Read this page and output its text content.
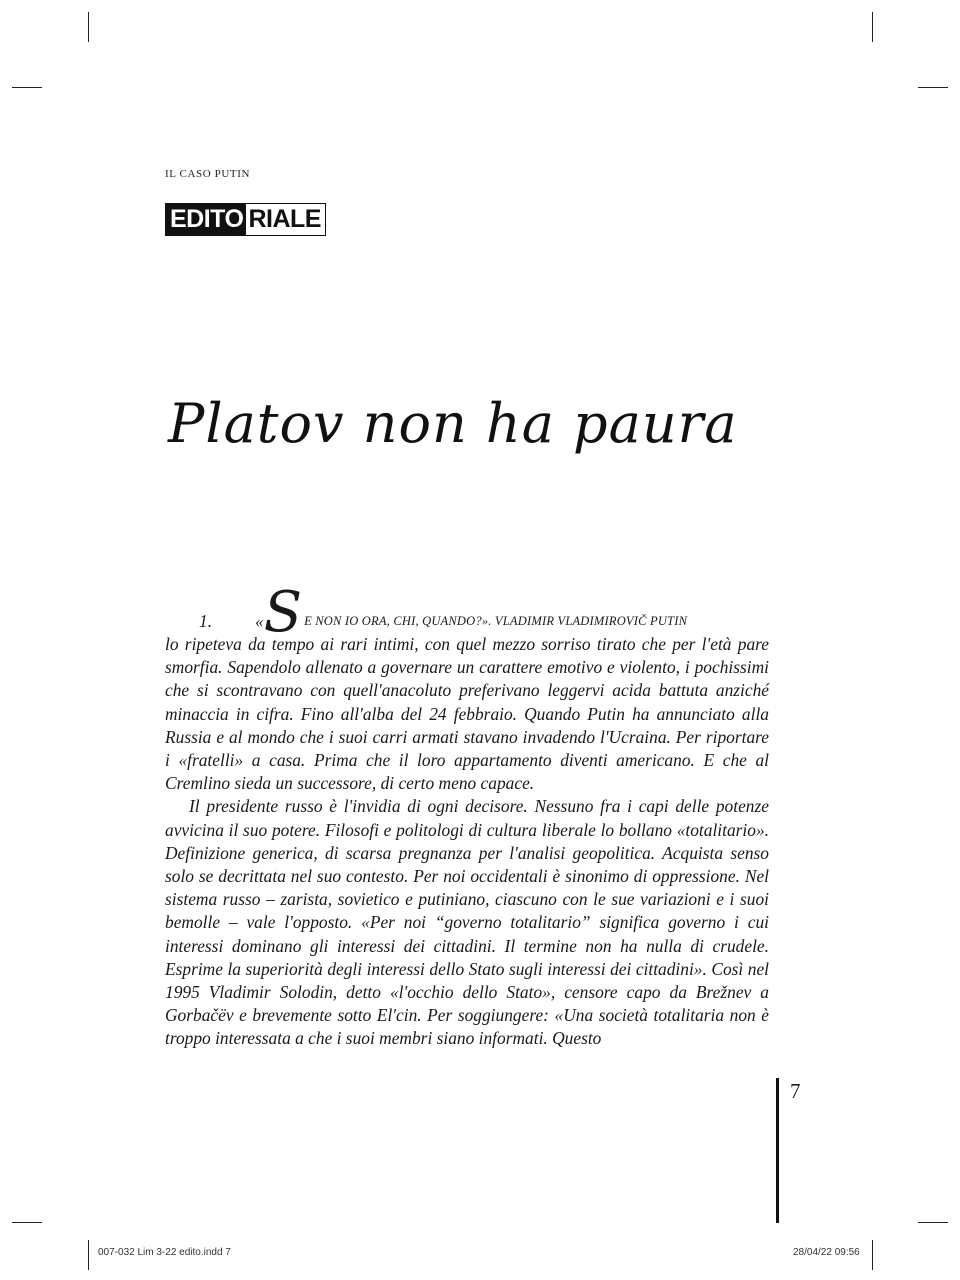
IL CASO PUTIN
EDITO RIALE
Platov non ha paura
1.	« S E NON IO ORA, CHI, QUANDO?». VLADIMIR VLADIMIROVIČ PUTIN

lo ripeteva da tempo ai rari intimi, con quel mezzo sorriso tirato che per l'età pare smorfia. Sapendolo allenato a governare un carattere emotivo e violento, i pochissimi che si scontravano con quell'anacoluto preferivano leggervi acida battuta anziché minaccia in cifra. Fino all'alba del 24 febbraio. Quando Putin ha annunciato alla Russia e al mondo che i suoi carri armati stavano invadendo l'Ucraina. Per riportare i «fratelli» a casa. Prima che il loro appartamento diventi americano. E che al Cremlino sieda un successore, di certo meno capace.

Il presidente russo è l'invidia di ogni decisore. Nessuno fra i capi delle potenze avvicina il suo potere. Filosofi e politologi di cultura liberale lo bollano «totalitario». Definizione generica, di scarsa pregnanza per l'analisi geopolitica. Acquista senso solo se decrittata nel suo contesto. Per noi occidentali è sinonimo di oppressione. Nel sistema russo – zarista, sovietico e putiniano, ciascuno con le sue variazioni e i suoi bemolle – vale l'opposto. «Per noi “governo totalitario” significa governo i cui interessi dominano gli interessi dei cittadini. Il termine non ha nulla di crudele. Esprime la superiorità degli interessi dello Stato sugli interessi dei cittadini». Così nel 1995 Vladimir Solodin, detto «l'occhio dello Stato», censore capo da Brežnev a Gorbačëv e brevemente sotto El'cin. Per soggiungere: «Una società totalitaria non è troppo interessata a che i suoi membri siano informati. Questo

7
007-032 Lim 3-22 edito.indd 7	28/04/22 09:56
